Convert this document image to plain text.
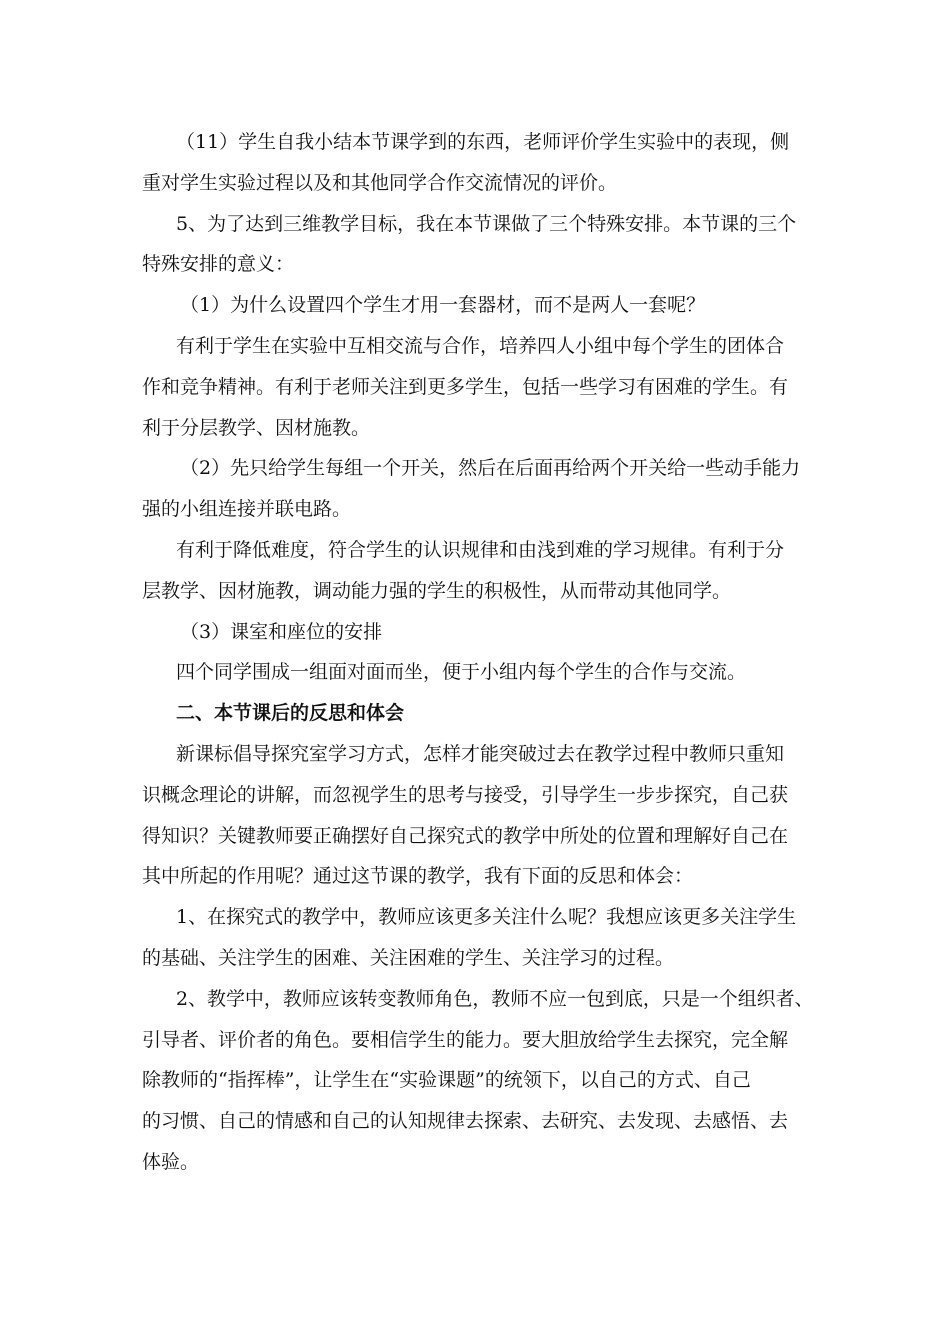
（11）学生自我小结本节课学到的东西，老师评价学生实验中的表现，侧
重对学生实验过程以及和其他同学合作交流情况的评价。
5、为了达到三维教学目标，我在本节课做了三个特殊安排。本节课的三个
特殊安排的意义：
（1）为什么设置四个学生才用一套器材，而不是两人一套呢？
有利于学生在实验中互相交流与合作，培养四人小组中每个学生的团体合
作和竞争精神。有利于老师关注到更多学生，包括一些学习有困难的学生。有
利于分层教学、因材施教。
（2）先只给学生每组一个开关，然后在后面再给两个开关给一些动手能力
强的小组连接并联电路。
有利于降低难度，符合学生的认识规律和由浅到难的学习规律。有利于分
层教学、因材施教，调动能力强的学生的积极性，从而带动其他同学。
（3）课室和座位的安排
四个同学围成一组面对面而坐，便于小组内每个学生的合作与交流。
二、本节课后的反思和体会
新课标倡导探究室学习方式，怎样才能突破过去在教学过程中教师只重知
识概念理论的讲解，而忽视学生的思考与接受，引导学生一步步探究，自己获
得知识？关键教师要正确摆好自己探究式的教学中所处的位置和理解好自己在
其中所起的作用呢？通过这节课的教学，我有下面的反思和体会：
1、在探究式的教学中，教师应该更多关注什么呢？我想应该更多关注学生
的基础、关注学生的困难、关注困难的学生、关注学习的过程。
2、教学中，教师应该转变教师角色，教师不应一包到底，只是一个组织者、
引导者、评价者的角色。要相信学生的能力。要大胆放给学生去探究，完全解
除教师的“指挥棒”，让学生在“实验课题”的统领下，以自己的方式、自己
的习惯、自己的情感和自己的认知规律去探索、去研究、去发现、去感悟、去
体验。
